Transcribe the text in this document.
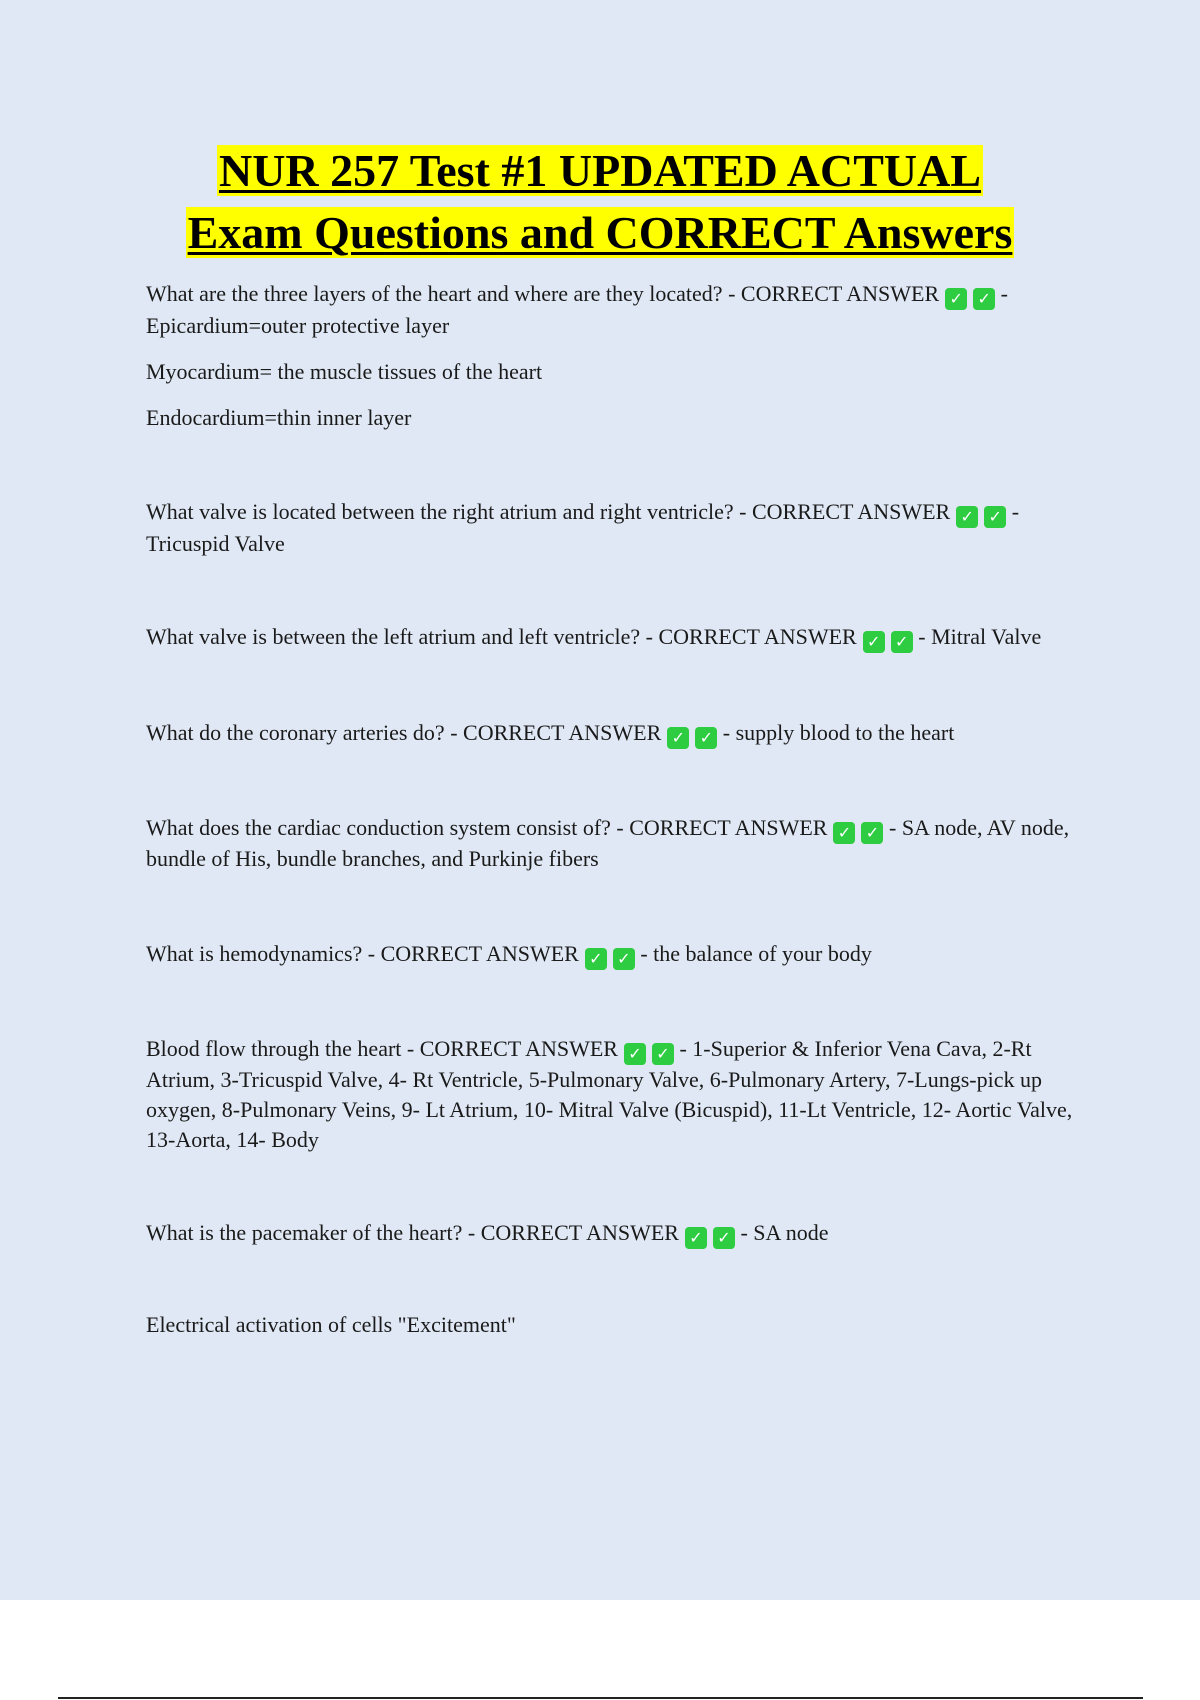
NUR 257 Test #1 UPDATED ACTUAL
Exam Questions and CORRECT Answers

What are the three layers of the heart and where are they located? - CORRECT ANSWER ✓ ✓ - Epicardium=outer protective layer

Myocardium= the muscle tissues of the heart

Endocardium=thin inner layer

What valve is located between the right atrium and right ventricle? - CORRECT ANSWER ✓ ✓ - Tricuspid Valve

What valve is between the left atrium and left ventricle? - CORRECT ANSWER ✓ ✓ - Mitral Valve

What do the coronary arteries do? - CORRECT ANSWER ✓ ✓ - supply blood to the heart

What does the cardiac conduction system consist of? - CORRECT ANSWER ✓ ✓ - SA node, AV node, bundle of His, bundle branches, and Purkinje fibers

What is hemodynamics? - CORRECT ANSWER ✓ ✓ - the balance of your body

Blood flow through the heart - CORRECT ANSWER ✓ ✓ - 1-Superior & Inferior Vena Cava, 2-Rt Atrium, 3-Tricuspid Valve, 4- Rt Ventricle, 5-Pulmonary Valve, 6-Pulmonary Artery, 7-Lungs-pick up oxygen, 8-Pulmonary Veins, 9- Lt Atrium, 10- Mitral Valve (Bicuspid), 11-Lt Ventricle, 12- Aortic Valve, 13-Aorta, 14- Body

What is the pacemaker of the heart? - CORRECT ANSWER ✓ ✓ - SA node

Electrical activation of cells "Excitement"
